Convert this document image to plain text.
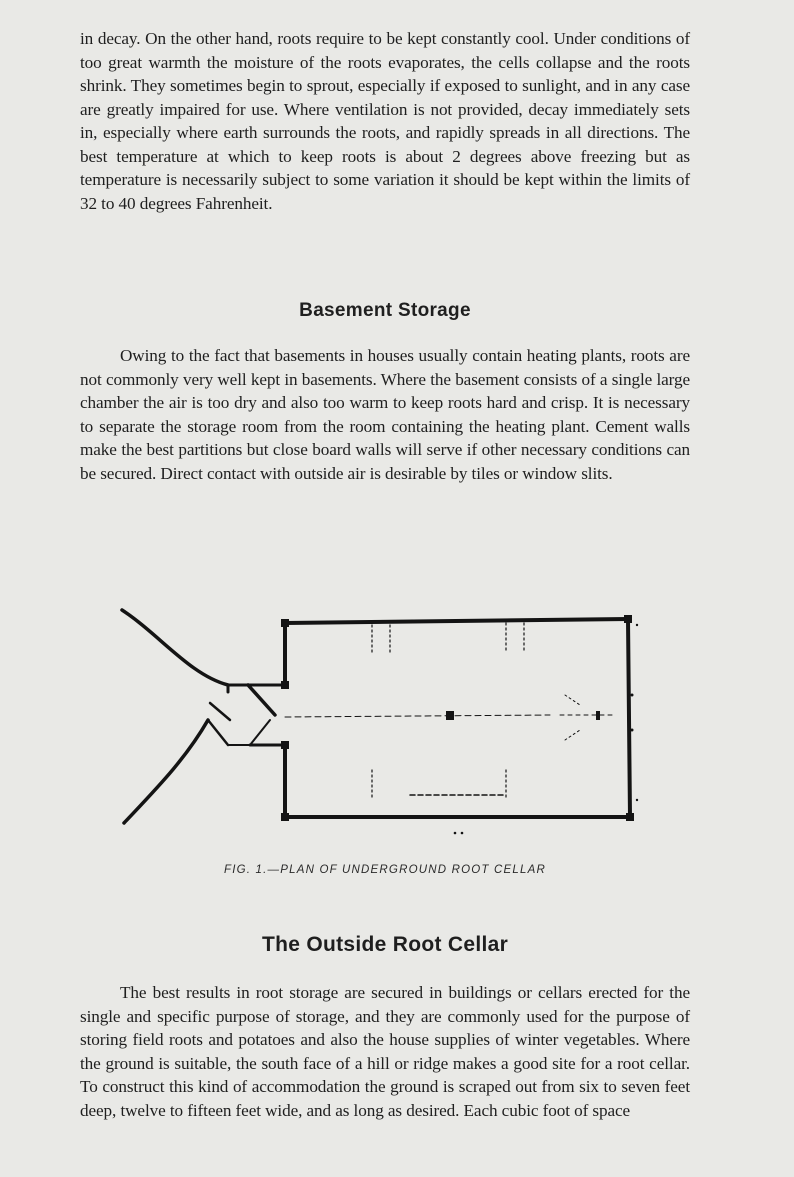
in decay. On the other hand, roots require to be kept constantly cool. Under conditions of too great warmth the moisture of the roots evaporates, the cells collapse and the roots shrink. They sometimes begin to sprout, especially if exposed to sunlight, and in any case are greatly impaired for use. Where ventilation is not provided, decay immediately sets in, especially where earth surrounds the roots, and rapidly spreads in all directions. The best temperature at which to keep roots is about 2 degrees above freezing but as temperature is necessarily subject to some variation it should be kept within the limits of 32 to 40 degrees Fahrenheit.

Basement Storage

Owing to the fact that basements in houses usually contain heating plants, roots are not commonly very well kept in basements. Where the basement consists of a single large chamber the air is too dry and also too warm to keep roots hard and crisp. It is necessary to separate the storage room from the room containing the heating plant. Cement walls make the best partitions but close board walls will serve if other necessary conditions can be secured. Direct contact with outside air is desirable by tiles or window slits.

FIG. 1.—PLAN OF UNDERGROUND ROOT CELLAR

The Outside Root Cellar

The best results in root storage are secured in buildings or cellars erected for the single and specific purpose of storage, and they are commonly used for the purpose of storing field roots and potatoes and also the house supplies of winter vegetables. Where the ground is suitable, the south face of a hill or ridge makes a good site for a root cellar. To construct this kind of accommodation the ground is scraped out from six to seven feet deep, twelve to fifteen feet wide, and as long as desired. Each cubic foot of space
